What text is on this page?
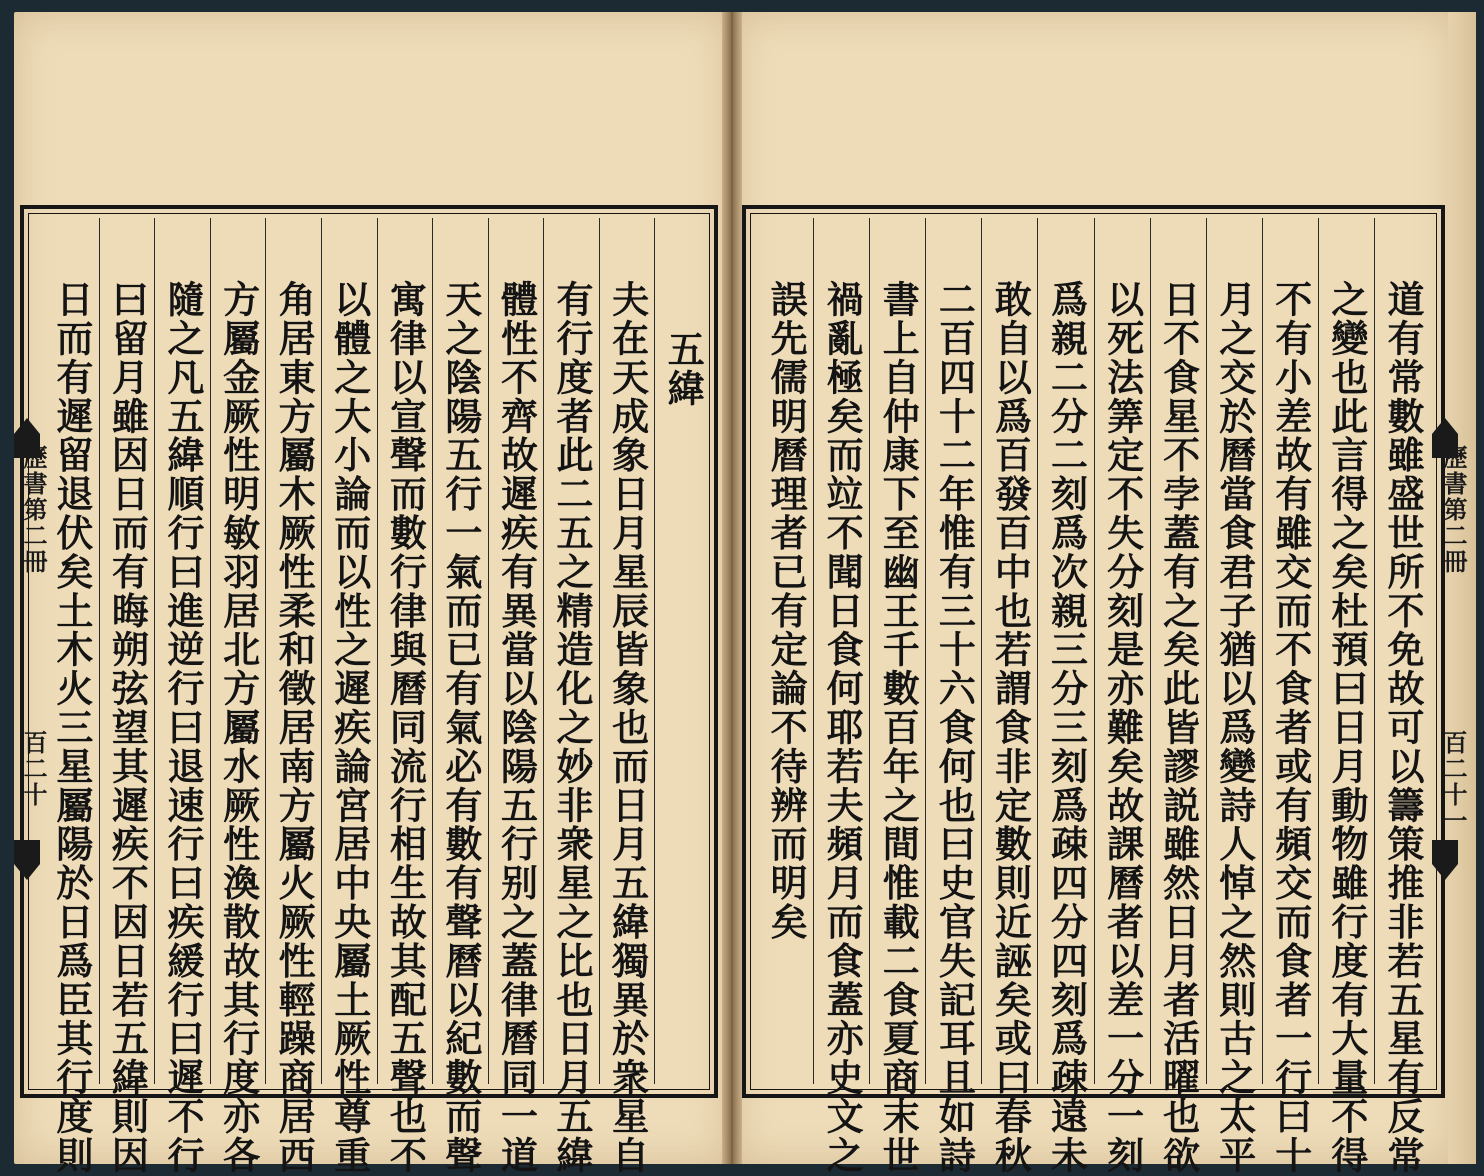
五緯
夫在天成象日月星辰皆象也而日月五緯獨異於衆星自
有行度者此二五之精造化之妙非衆星之比也日月五緯
體性不齊故遲疾有異當以陰陽五行别之蓋律曆同一道
天之陰陽五行一氣而已有氣必有數有聲曆以紀數而聲
寓律以宣聲而數行律與曆同流行相生故其配五聲也不
以體之大小論而以性之遲疾論宮居中央屬土厥性尊重
角居東方屬木厥性柔和徵居南方屬火厥性輕躁商居西
方屬金厥性明敏羽居北方屬水厥性渙散故其行度亦各
隨之凡五緯順行曰進逆行曰退速行曰疾緩行曰遲不行
曰留月雖因日而有晦朔弦望其遲疾不因日若五緯則因
日而有遲留退伏矣土木火三星屬陽於日爲臣其行度則	道有常數雖盛世所不免故可以籌策推非若五星有反常
之變也此言得之矣杜預曰日月動物雖行度有大量不得
不有小差故有雖交而不食者或有頻交而食者一行曰十
月之交於曆當食君子猶以爲變詩人悼之然則古之太平
日不食星不孛蓋有之矣此皆謬説雖然日月者活曜也欲
以死法筭定不失分刻是亦難矣故課曆者以差一分一刻
爲親二分二刻爲次親三分三刻爲疎四分四刻爲疎遠未
敢自以爲百發百中也若謂食非定數則近誣矣或曰春秋
二百四十二年惟有三十六食何也曰史官失記耳且如詩
書上自仲康下至幽王千數百年之間惟載二食夏商末世
禍亂極矣而竝不聞日食何耶若夫頻月而食蓋亦史文之
誤先儒明曆理者已有定論不待辨而明矣
歷書第二冊
百二十
歷書第二冊
百二十一
